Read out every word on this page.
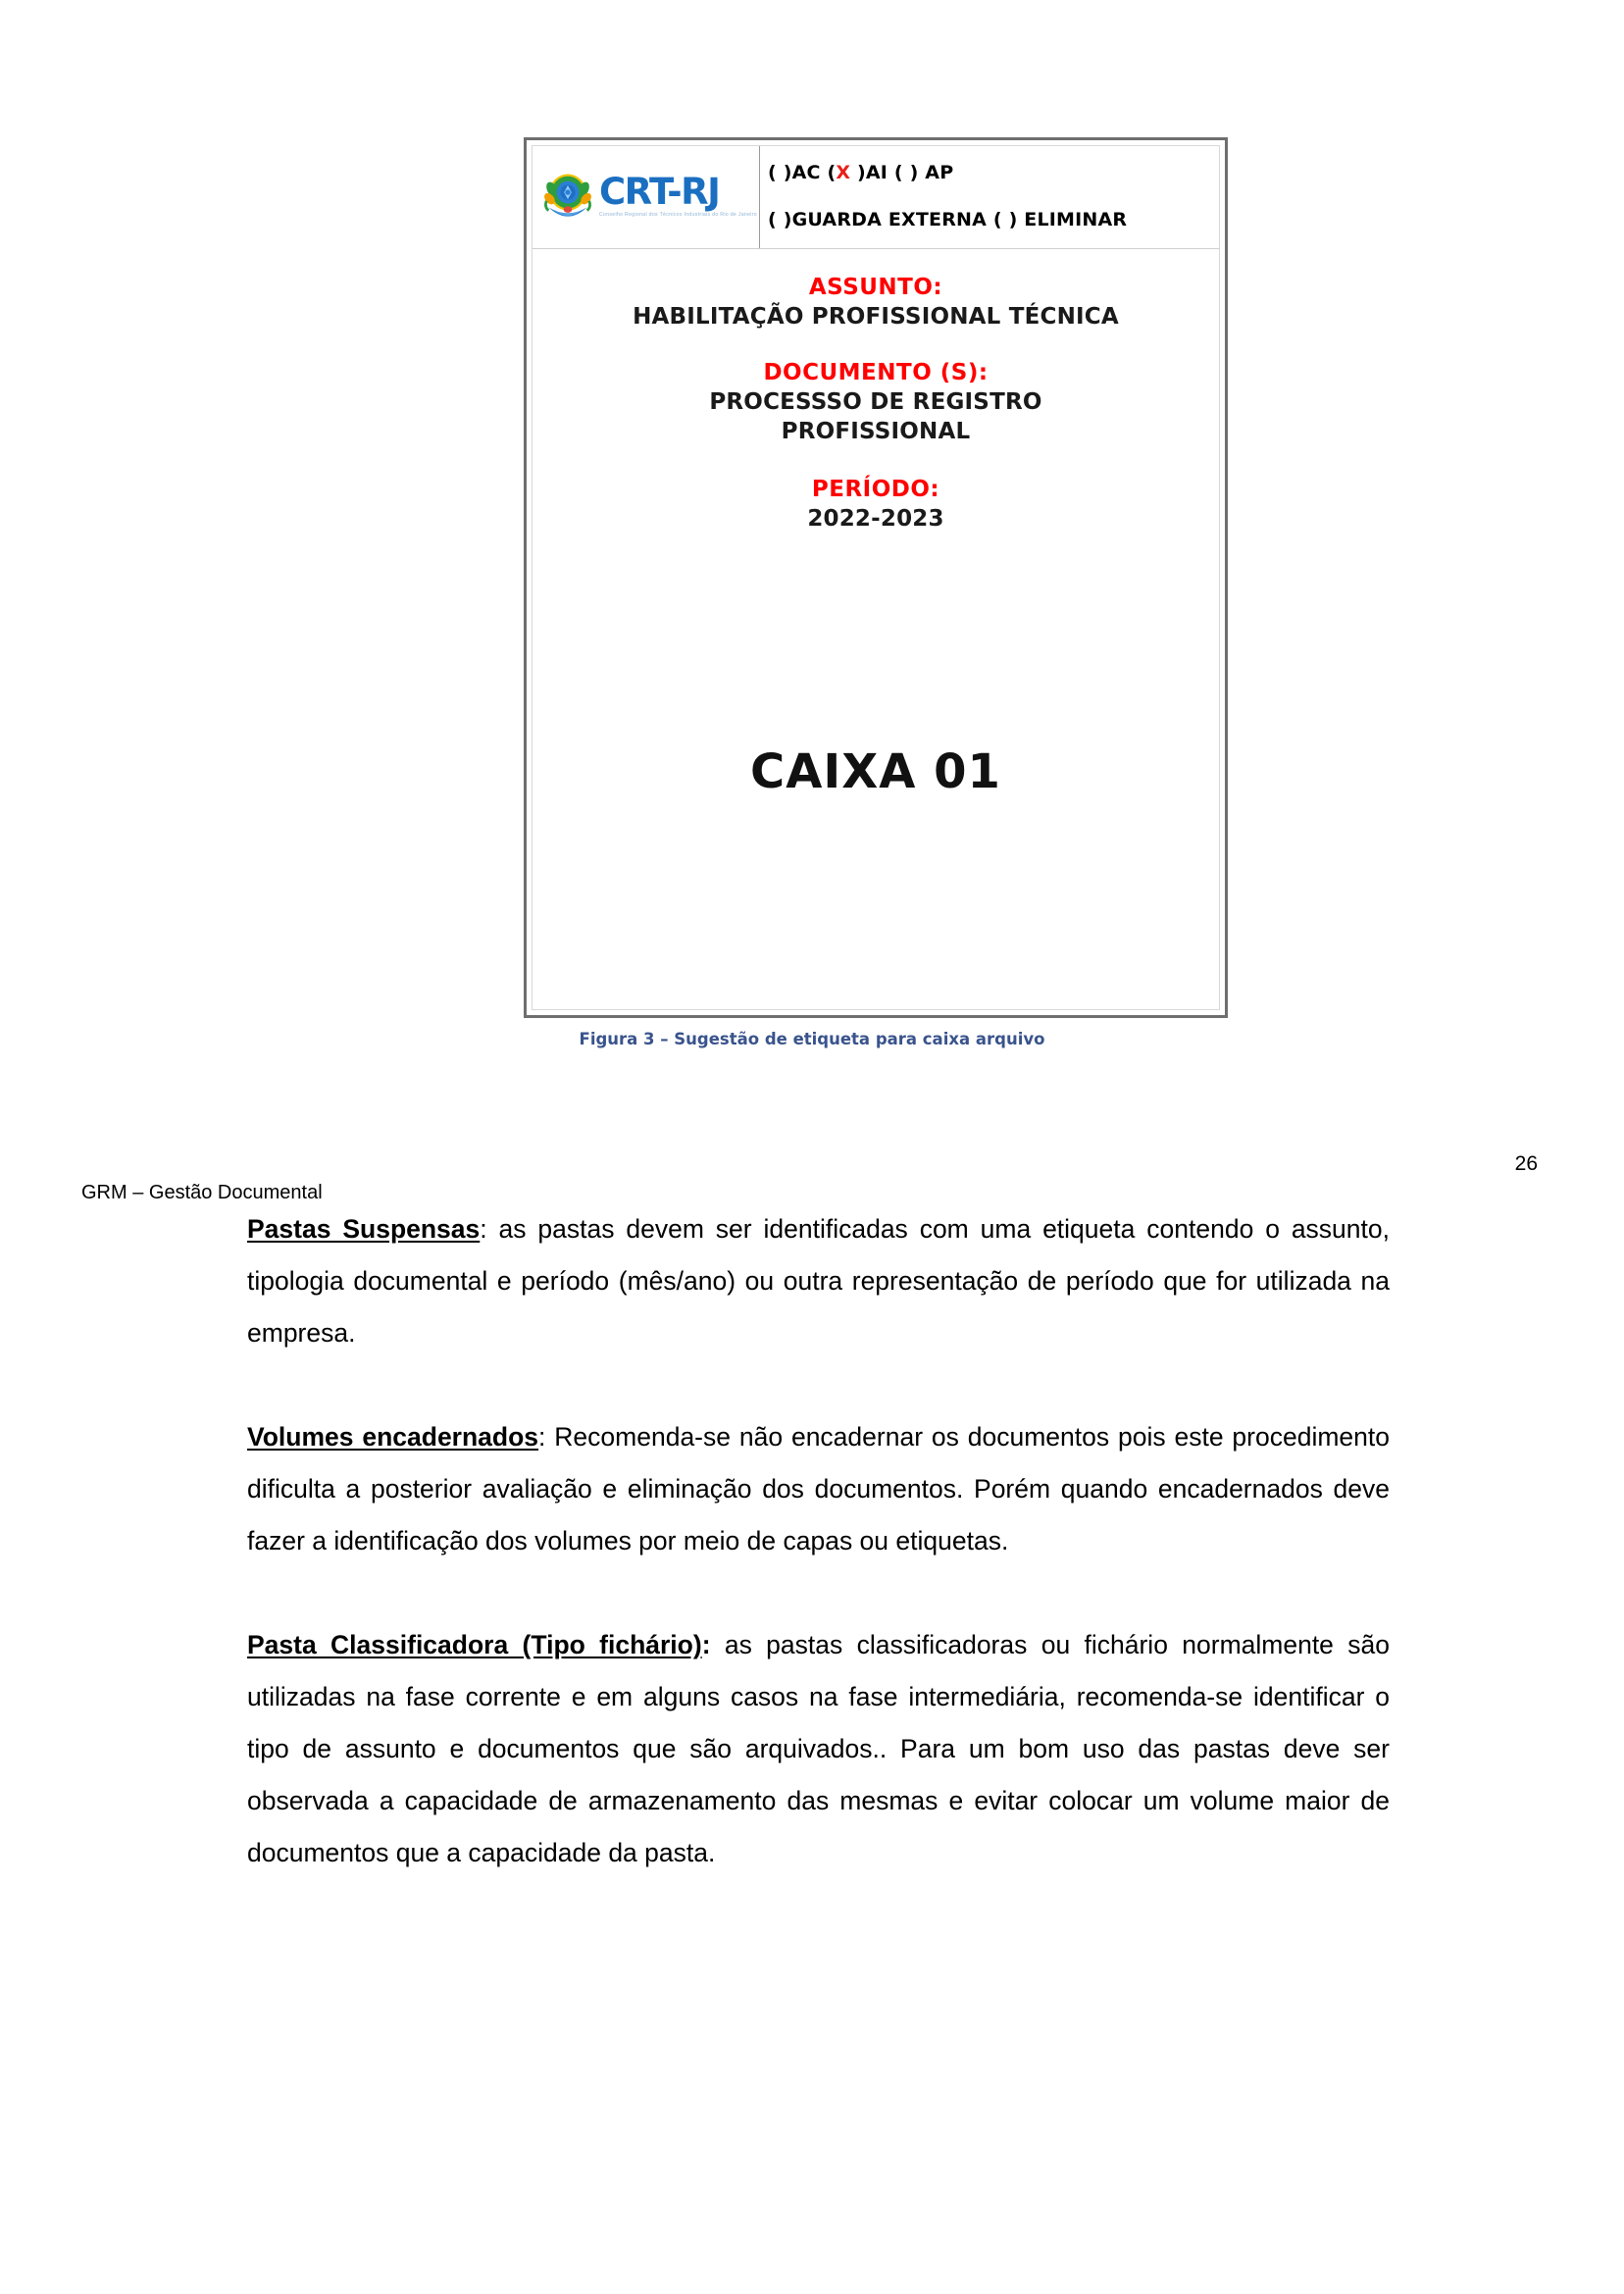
CRT-RJ
Conselho Regional dos Técnicos Industriais do Rio de Janeiro
( )AC (X )AI ( ) AP
( )GUARDA EXTERNA ( ) ELIMINAR
ASSUNTO:
HABILITAÇÃO PROFISSIONAL TÉCNICA
DOCUMENTO (S):
PROCESSSO DE REGISTRO
PROFISSIONAL
PERÍODO:
2022-2023
CAIXA 01
Figura 3 – Sugestão de etiqueta para caixa arquivo
26
GRM – Gestão Documental

Pastas Suspensas: as pastas devem ser identificadas com uma etiqueta contendo o assunto, tipologia documental e período (mês/ano) ou outra representação de período que for utilizada na empresa.

Volumes encadernados: Recomenda-se não encadernar os documentos pois este procedimento dificulta a posterior avaliação e eliminação dos documentos. Porém quando encadernados deve fazer a identificação dos volumes por meio de capas ou etiquetas.

Pasta Classificadora (Tipo fichário): as pastas classificadoras ou fichário normalmente são utilizadas na fase corrente e em alguns casos na fase intermediária, recomenda-se identificar o tipo de assunto e documentos que são arquivados.. Para um bom uso das pastas deve ser observada a capacidade de armazenamento das mesmas e evitar colocar um volume maior de documentos que a capacidade da pasta.
